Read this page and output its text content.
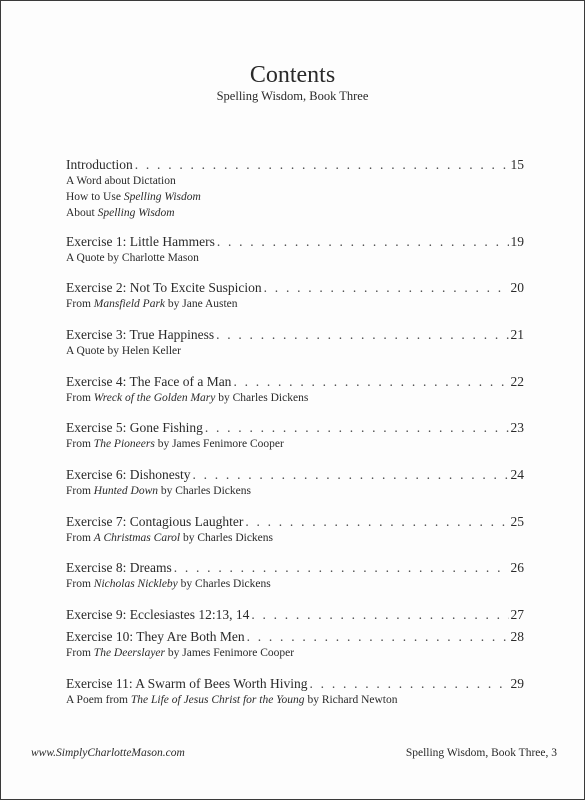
Contents
Spelling Wisdom, Book Three
Introduction . . .	15
A Word about Dictation
How to Use Spelling Wisdom
About Spelling Wisdom
Exercise 1: Little Hammers . . .	19
A Quote by Charlotte Mason
Exercise 2: Not To Excite Suspicion . . .	20
From Mansfield Park by Jane Austen
Exercise 3: True Happiness . . .	21
A Quote by Helen Keller
Exercise 4: The Face of a Man . . .	22
From Wreck of the Golden Mary by Charles Dickens
Exercise 5: Gone Fishing . . .	23
From The Pioneers by James Fenimore Cooper
Exercise 6: Dishonesty . . .	24
From Hunted Down by Charles Dickens
Exercise 7: Contagious Laughter . . .	25
From A Christmas Carol by Charles Dickens
Exercise 8: Dreams . . .	26
From Nicholas Nickleby by Charles Dickens
Exercise 9: Ecclesiastes 12:13, 14 . . .	27
Exercise 10: They Are Both Men . . .	28
From The Deerslayer by James Fenimore Cooper
Exercise 11: A Swarm of Bees Worth Hiving . . .	29
A Poem from The Life of Jesus Christ for the Young by Richard Newton
www.SimplyCharlotteMason.com	Spelling Wisdom, Book Three, 3
